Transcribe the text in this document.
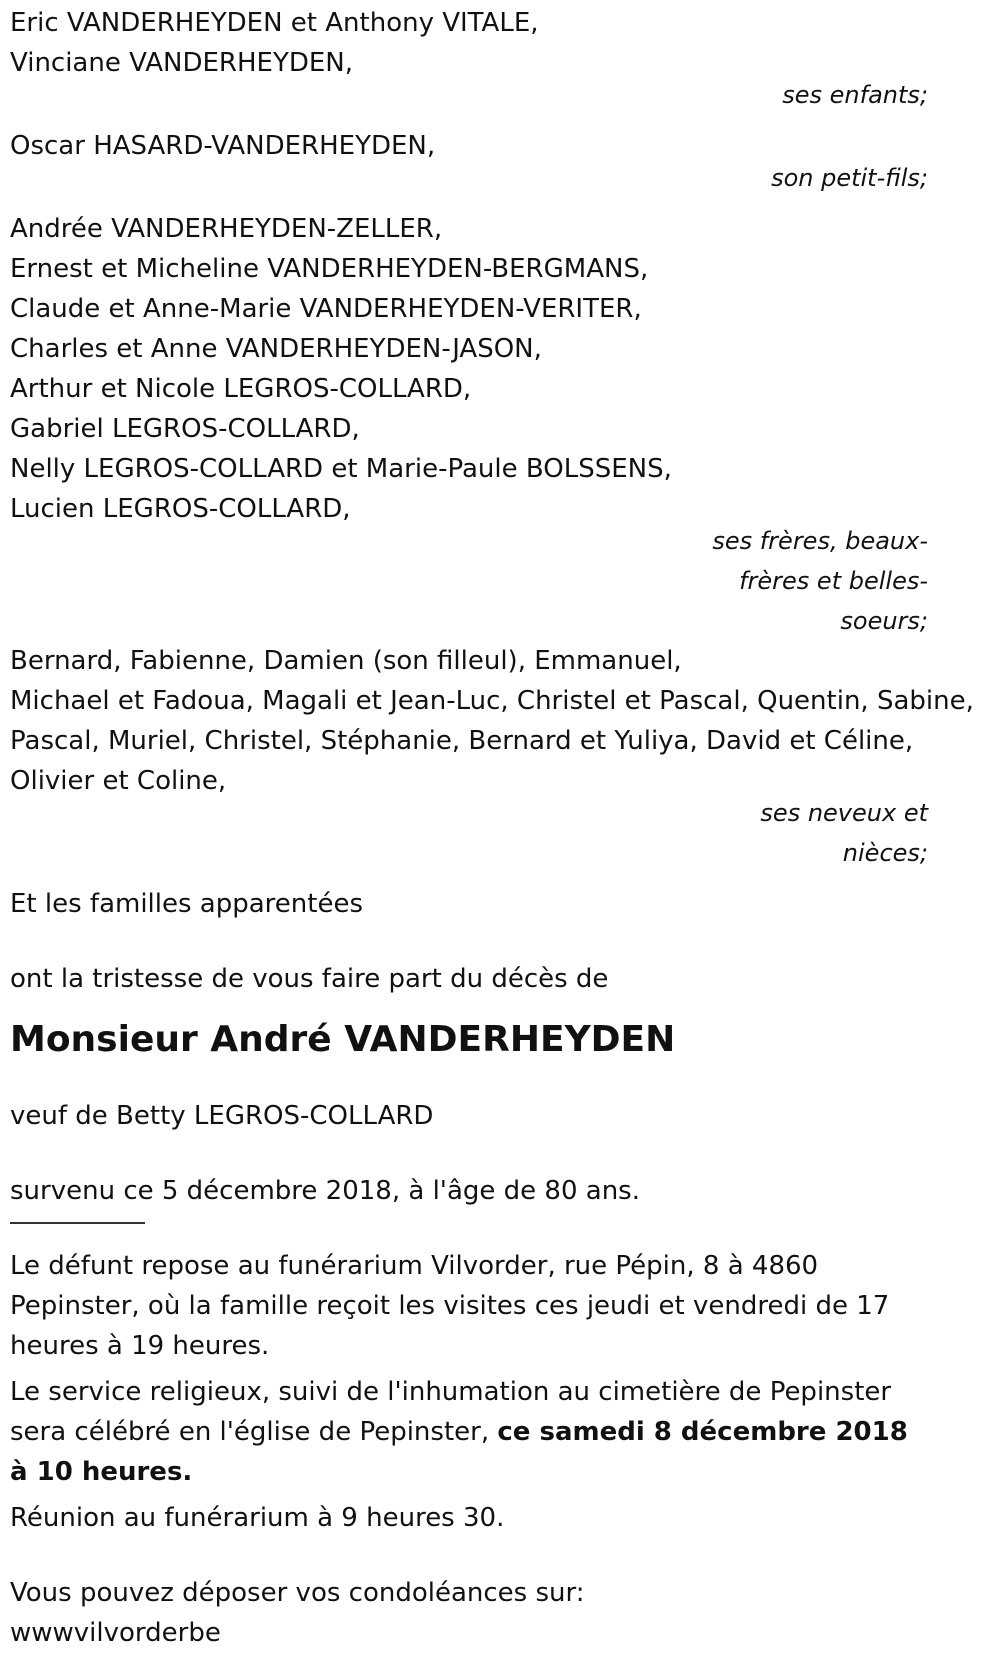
Eric VANDERHEYDEN et Anthony VITALE,
Vinciane VANDERHEYDEN,
ses enfants;
Oscar HASARD-VANDERHEYDEN,
son petit-fils;
Andrée VANDERHEYDEN-ZELLER,
Ernest et Micheline VANDERHEYDEN-BERGMANS,
Claude et Anne-Marie VANDERHEYDEN-VERITER,
Charles et Anne VANDERHEYDEN-JASON,
Arthur et Nicole LEGROS-COLLARD,
Gabriel LEGROS-COLLARD,
Nelly LEGROS-COLLARD et Marie-Paule BOLSSENS,
Lucien LEGROS-COLLARD,
ses frères, beaux-
frères et belles-
soeurs;
Bernard, Fabienne, Damien (son filleul), Emmanuel,
Michael et Fadoua, Magali et Jean-Luc, Christel et Pascal, Quentin, Sabine,
Pascal, Muriel, Christel, Stéphanie, Bernard et Yuliya, David et Céline,
Olivier et Coline,
ses neveux et
nièces;
Et les familles apparentées
ont la tristesse de vous faire part du décès de
Monsieur André VANDERHEYDEN
veuf de Betty LEGROS-COLLARD
survenu ce 5 décembre 2018, à l'âge de 80 ans.

Le défunt repose au funérarium Vilvorder, rue Pépin, 8 à 4860 Pepinster, où la famille reçoit les visites ces jeudi et vendredi de 17 heures à 19 heures.

Le service religieux, suivi de l'inhumation au cimetière de Pepinster sera célébré en l'église de Pepinster, ce samedi 8 décembre 2018 à 10 heures.

Réunion au funérarium à 9 heures 30.

Vous pouvez déposer vos condoléances sur:
wwwvilvorderbe
